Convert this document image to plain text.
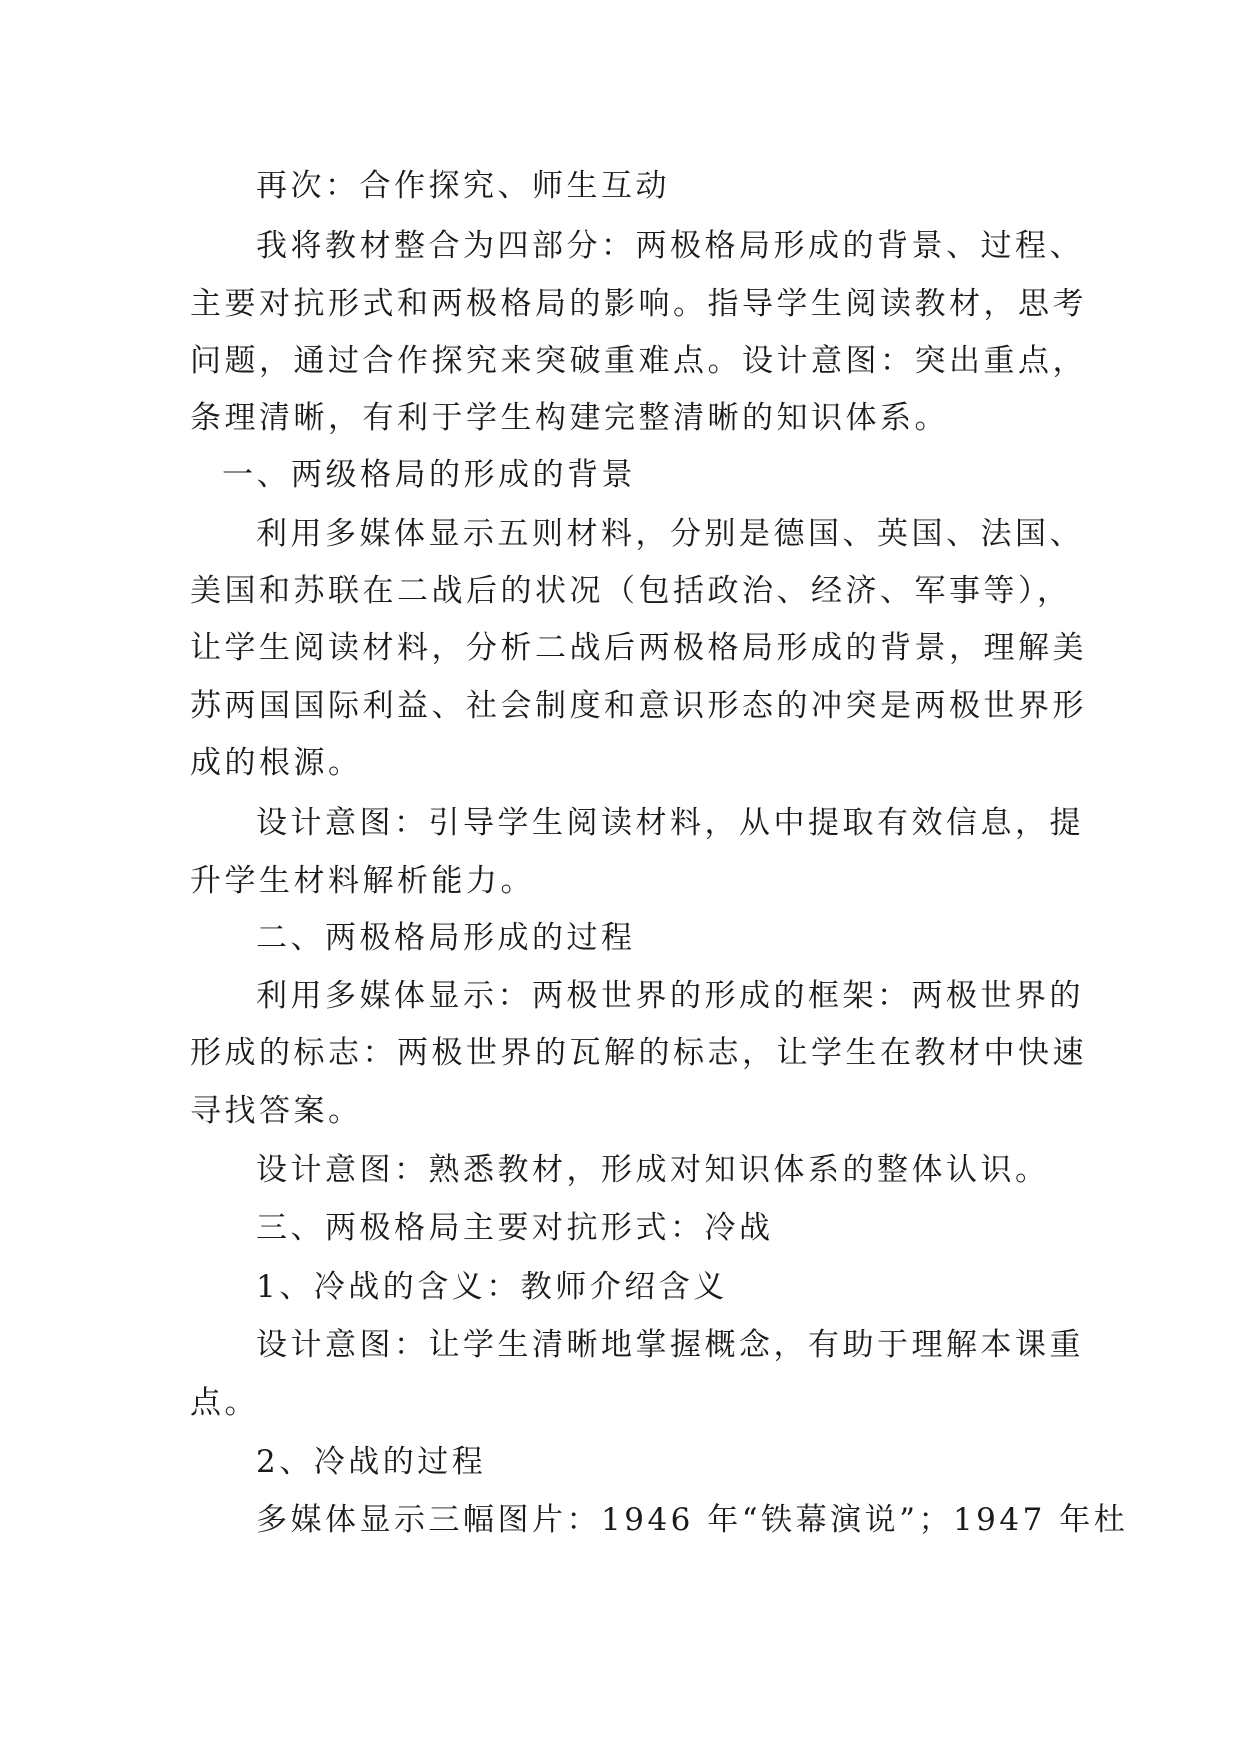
再次：合作探究、师生互动
我将教材整合为四部分：两极格局形成的背景、过程、
主要对抗形式和两极格局的影响。指导学生阅读教材，思考
问题，通过合作探究来突破重难点。设计意图：突出重点，
条理清晰，有利于学生构建完整清晰的知识体系。
一、两级格局的形成的背景
利用多媒体显示五则材料，分别是德国、英国、法国、
美国和苏联在二战后的状况（包括政治、经济、军事等），
让学生阅读材料，分析二战后两极格局形成的背景，理解美
苏两国国际利益、社会制度和意识形态的冲突是两极世界形
成的根源。
设计意图：引导学生阅读材料，从中提取有效信息，提
升学生材料解析能力。
二、两极格局形成的过程
利用多媒体显示：两极世界的形成的框架：两极世界的
形成的标志：两极世界的瓦解的标志，让学生在教材中快速
寻找答案。
设计意图：熟悉教材，形成对知识体系的整体认识。
三、两极格局主要对抗形式：冷战
1、冷战的含义：教师介绍含义
设计意图：让学生清晰地掌握概念，有助于理解本课重
点。
2、冷战的过程
多媒体显示三幅图片：1946 年“铁幕演说”；1947 年杜
